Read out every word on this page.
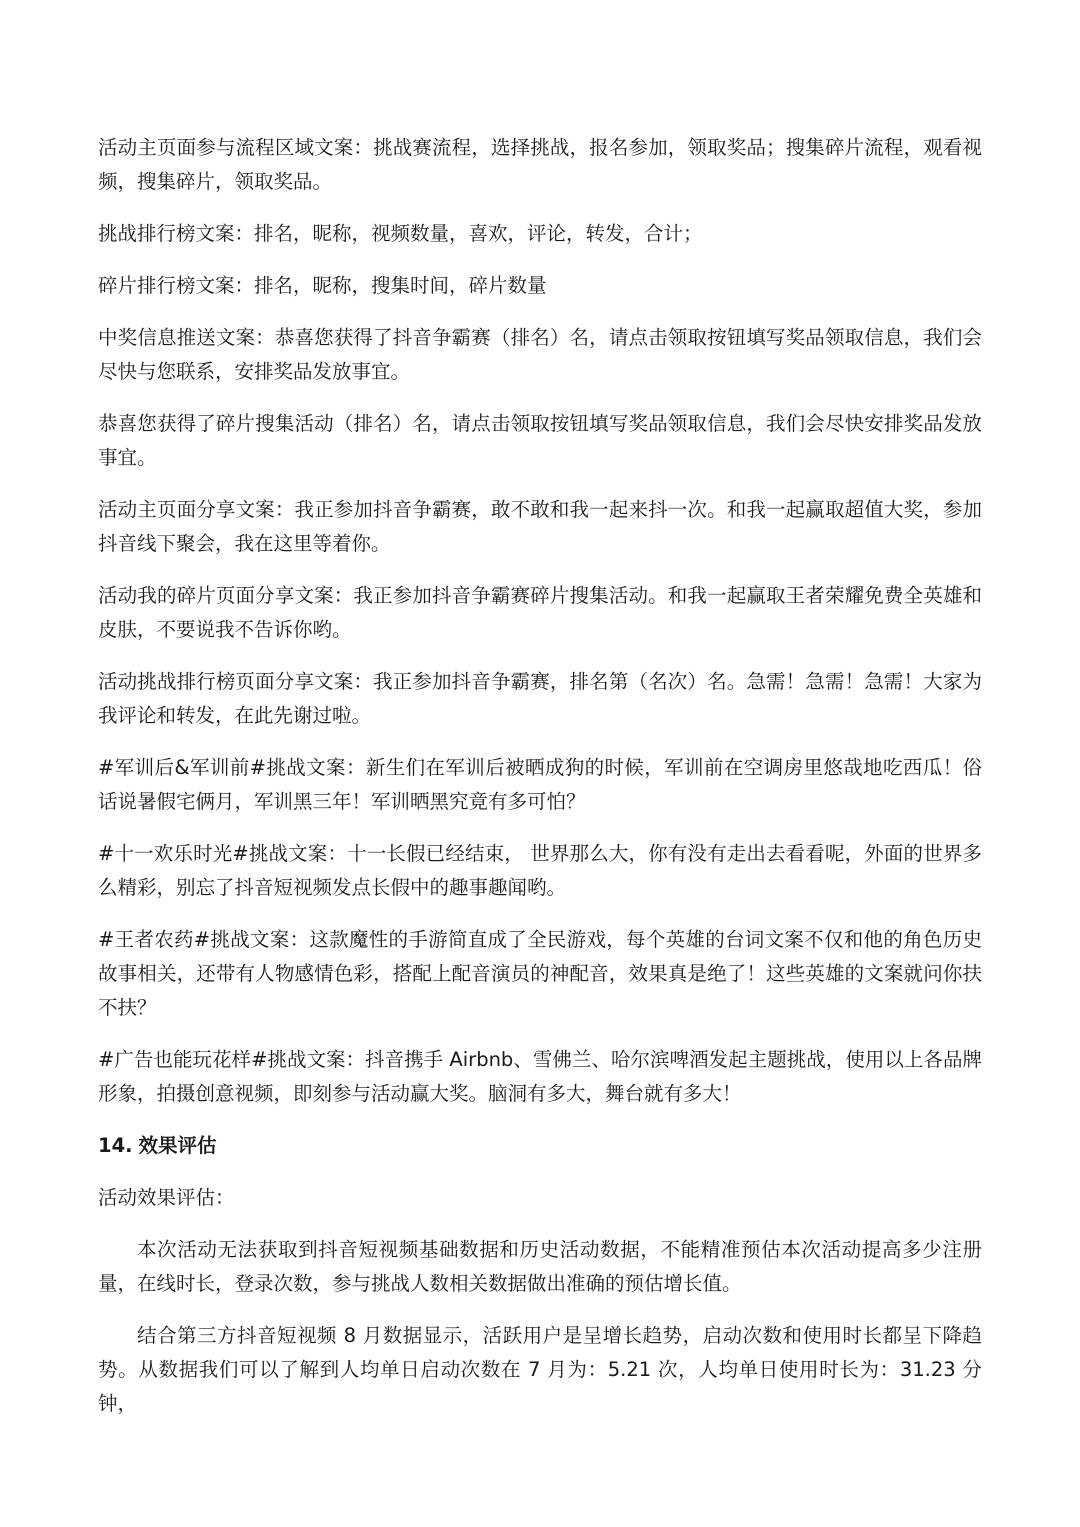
活动主页面参与流程区域文案：挑战赛流程，选择挑战，报名参加，领取奖品；搜集碎片流程，观看视频，搜集碎片，领取奖品。

挑战排行榜文案：排名，昵称，视频数量，喜欢，评论，转发，合计；

碎片排行榜文案：排名，昵称，搜集时间，碎片数量

中奖信息推送文案：恭喜您获得了抖音争霸赛（排名）名，请点击领取按钮填写奖品领取信息，我们会尽快与您联系，安排奖品发放事宜。

恭喜您获得了碎片搜集活动（排名）名，请点击领取按钮填写奖品领取信息，我们会尽快安排奖品发放事宜。

活动主页面分享文案：我正参加抖音争霸赛，敢不敢和我一起来抖一次。和我一起赢取超值大奖，参加抖音线下聚会，我在这里等着你。

活动我的碎片页面分享文案：我正参加抖音争霸赛碎片搜集活动。和我一起赢取王者荣耀免费全英雄和皮肤，不要说我不告诉你哟。

活动挑战排行榜页面分享文案：我正参加抖音争霸赛，排名第（名次）名。急需！急需！急需！大家为我评论和转发，在此先谢过啦。

#军训后&军训前#挑战文案：新生们在军训后被晒成狗的时候，军训前在空调房里悠哉地吃西瓜！俗话说暑假宅俩月，军训黑三年！军训晒黑究竟有多可怕？

#十一欢乐时光#挑战文案：十一长假已经结束， 世界那么大，你有没有走出去看看呢，外面的世界多么精彩，别忘了抖音短视频发点长假中的趣事趣闻哟。

#王者农药#挑战文案：这款魔性的手游简直成了全民游戏，每个英雄的台词文案不仅和他的角色历史故事相关，还带有人物感情色彩，搭配上配音演员的神配音，效果真是绝了！这些英雄的文案就问你扶不扶？

#广告也能玩花样#挑战文案：抖音携手 Airbnb、雪佛兰、哈尔滨啤酒发起主题挑战，使用以上各品牌形象，拍摄创意视频，即刻参与活动赢大奖。脑洞有多大，舞台就有多大！

14. 效果评估

活动效果评估：

本次活动无法获取到抖音短视频基础数据和历史活动数据，不能精准预估本次活动提高多少注册量，在线时长，登录次数，参与挑战人数相关数据做出准确的预估增长值。

结合第三方抖音短视频 8 月数据显示，活跃用户是呈增长趋势，启动次数和使用时长都呈下降趋势。从数据我们可以了解到人均单日启动次数在 7 月为：5.21 次，人均单日使用时长为：31.23 分钟，
